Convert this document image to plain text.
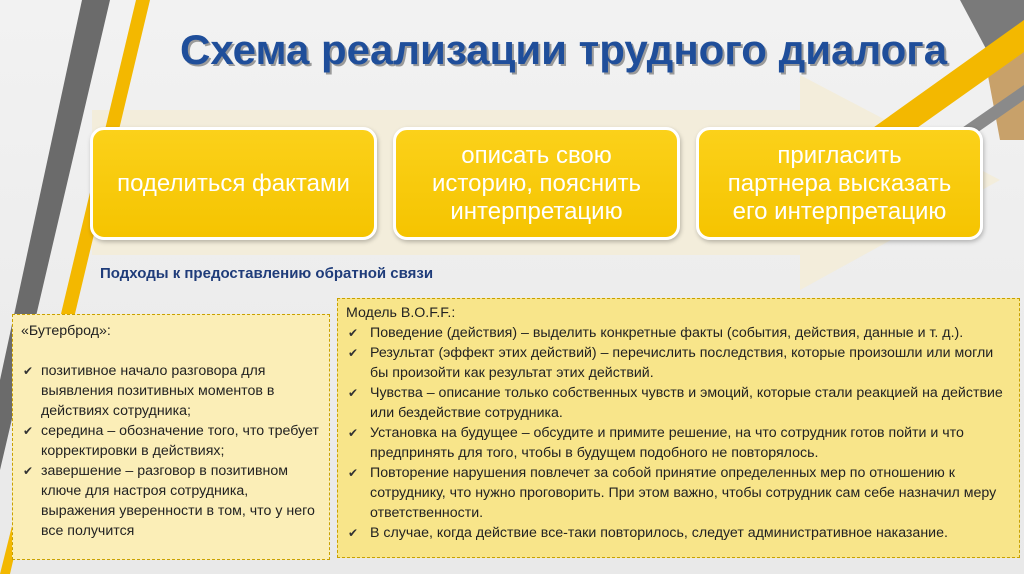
Схема реализации трудного диалога
поделиться фактами
описать свою
историю, пояснить
интерпретацию
пригласить
партнера высказать
его интерпретацию

Подходы к предоставлению обратной связи

«Бутерброд»:

✔ позитивное начало разговора для выявления позитивных моментов в действиях сотрудника;
✔ середина – обозначение того, что требует корректировки в действиях;
✔ завершение – разговор в позитивном ключе для настроя сотрудника, выражения уверенности в том, что у него все получится

Модель B.O.F.F.:

✔ Поведение (действия) – выделить конкретные факты (события, действия, данные и т. д.).
✔ Результат (эффект этих действий) – перечислить последствия, которые произошли или могли бы произойти как результат этих действий.
✔ Чувства – описание только собственных чувств и эмоций, которые стали реакцией на действие или бездействие сотрудника.
✔ Установка на будущее – обсудите и примите решение, на что сотрудник готов пойти и что предпринять для того, чтобы в будущем подобного не повторялось.
✔ Повторение нарушения повлечет за собой принятие определенных мер по отношению к сотруднику, что нужно проговорить. При этом важно, чтобы сотрудник сам себе назначил меру ответственности.
✔ В случае, когда действие все-таки повторилось, следует административное наказание.
